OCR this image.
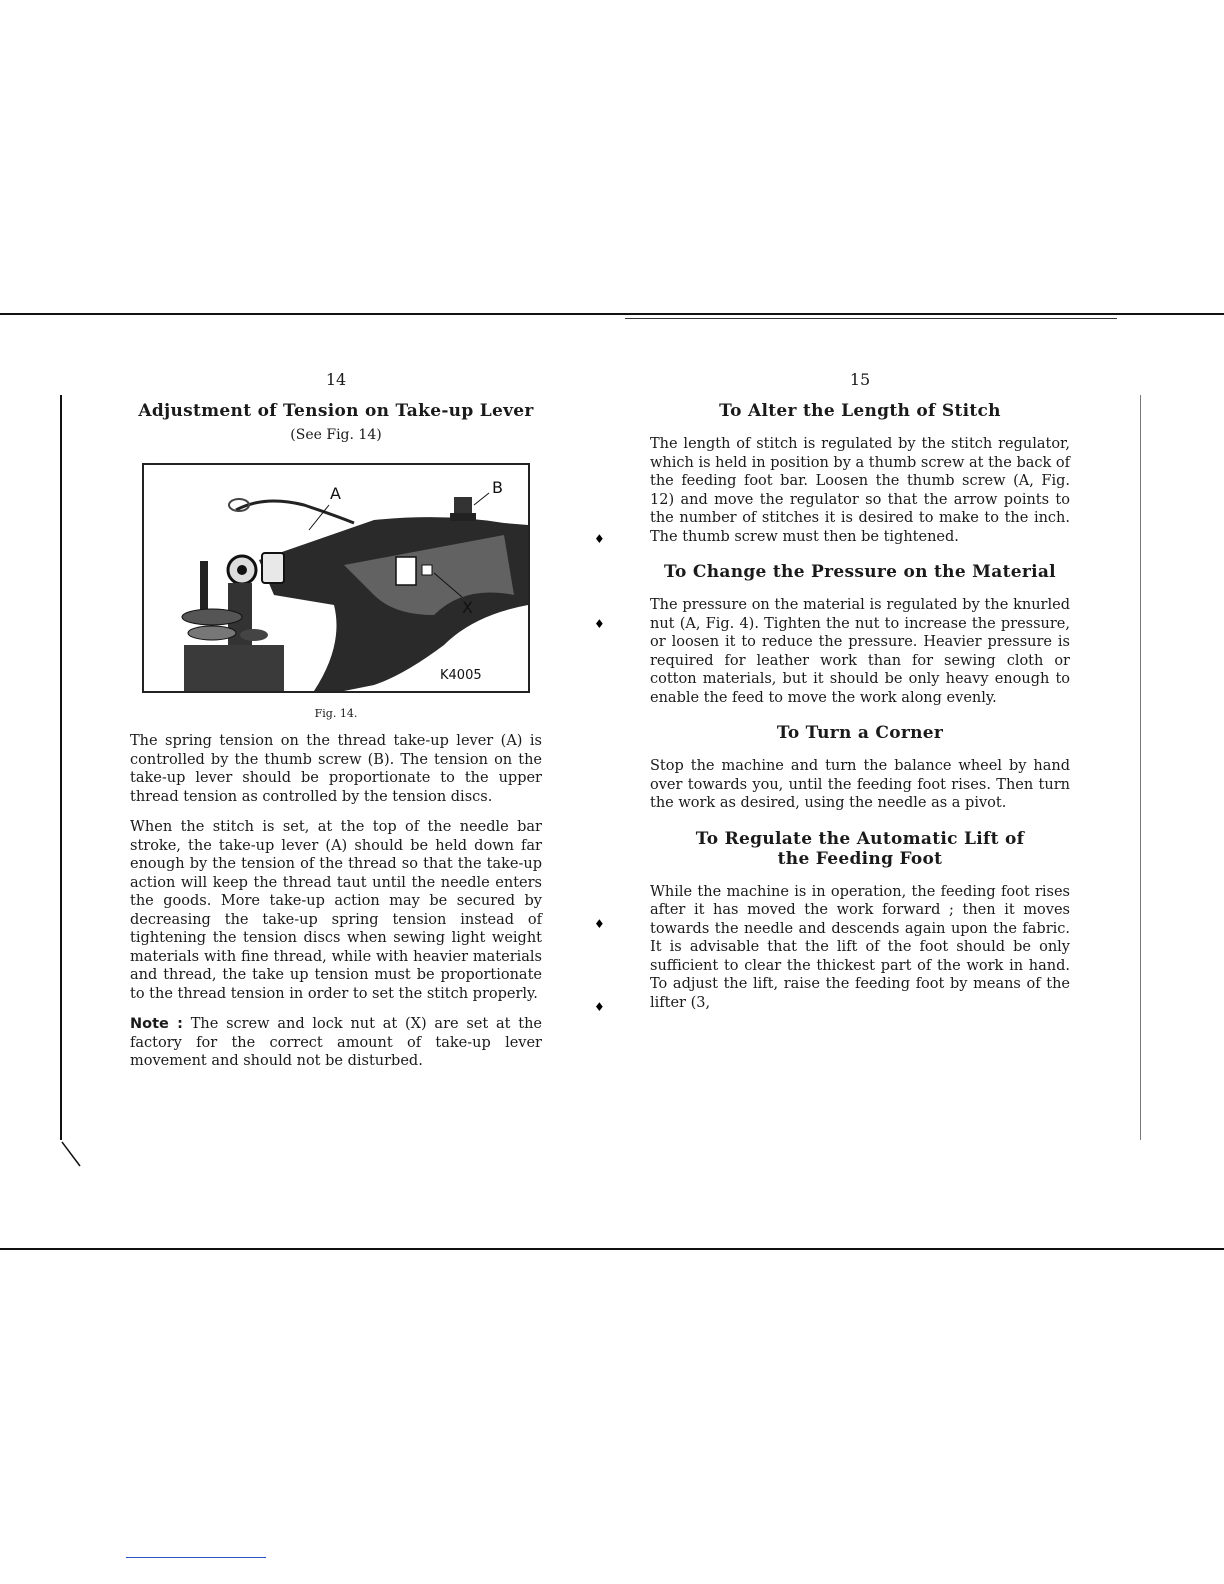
♦
♦
♦
♦
14
Adjustment of Tension on Take-up Lever
(See Fig. 14)
A	B
X
K4005
Fig. 14.

The spring tension on the thread take-up lever (A) is controlled by the thumb screw (B). The tension on the take-up lever should be proportionate to the upper thread tension as controlled by the tension discs.

When the stitch is set, at the top of the needle bar stroke, the take-up lever (A) should be held down far enough by the tension of the thread so that the take-up action will keep the thread taut until the needle enters the goods. More take-up action may be secured by decreasing the take-up spring tension instead of tightening the tension discs when sewing light weight materials with fine thread, while with heavier materials and thread, the take up tension must be proportionate to the thread tension in order to set the stitch properly.

Note : The screw and lock nut at (X) are set at the factory for the correct amount of take-up lever movement and should not be disturbed.

15
To Alter the Length of Stitch

The length of stitch is regulated by the stitch regulator, which is held in position by a thumb screw at the back of the feeding foot bar. Loosen the thumb screw (A, Fig. 12) and move the regulator so that the arrow points to the number of stitches it is desired to make to the inch. The thumb screw must then be tightened.

To Change the Pressure on the Material

The pressure on the material is regulated by the knurled nut (A, Fig. 4). Tighten the nut to increase the pressure, or loosen it to reduce the pressure. Heavier pressure is required for leather work than for sewing cloth or cotton materials, but it should be only heavy enough to enable the feed to move the work along evenly.

To Turn a Corner

Stop the machine and turn the balance wheel by hand over towards you, until the feeding foot rises. Then turn the work as desired, using the needle as a pivot.

To Regulate the Automatic Lift of the Feeding Foot

While the machine is in operation, the feeding foot rises after it has moved the work forward ; then it moves towards the needle and descends again upon the fabric. It is advisable that the lift of the foot should be only sufficient to clear the thickest part of the work in hand. To adjust the lift, raise the feeding foot by means of the lifter (3,
